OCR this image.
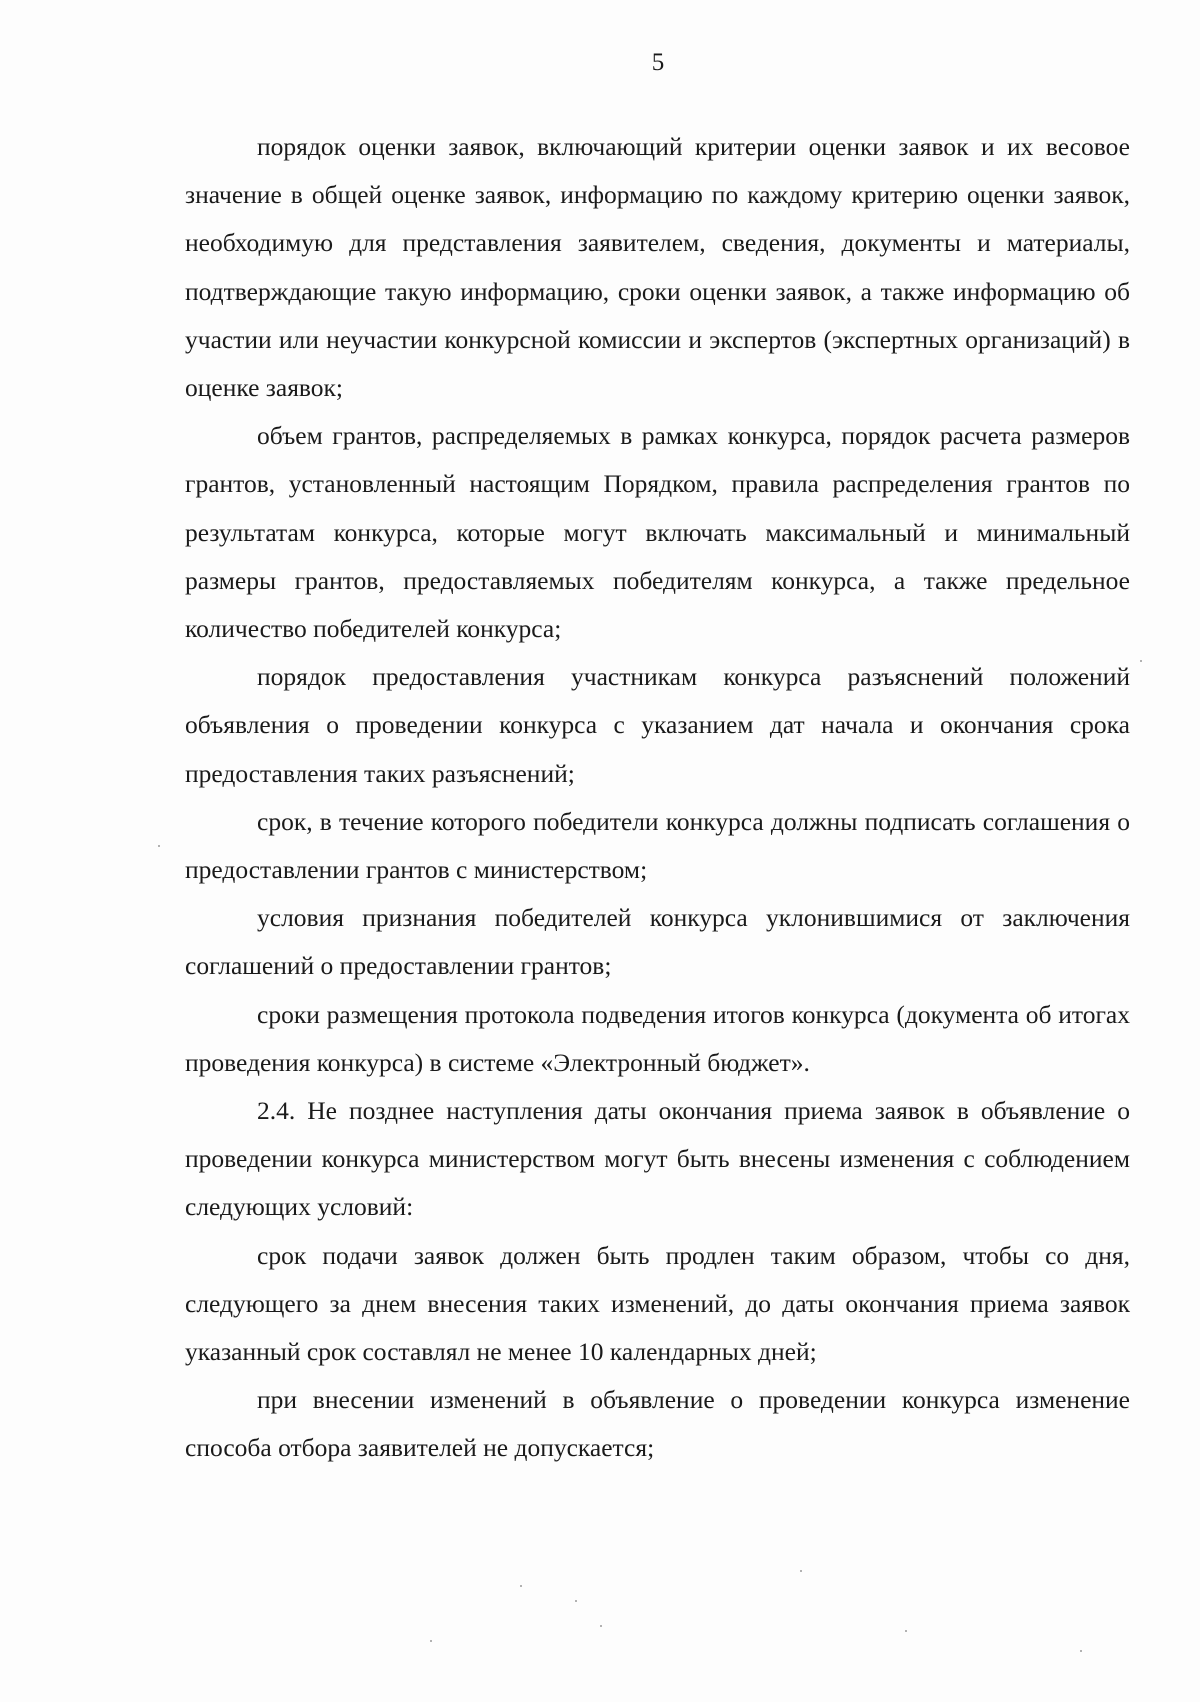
5

порядок оценки заявок, включающий критерии оценки заявок и их весовое значение в общей оценке заявок, информацию по каждому критерию оценки заявок, необходимую для представления заявителем, сведения, документы и материалы, подтверждающие такую информацию, сроки оценки заявок, а также информацию об участии или неучастии конкурсной комиссии и экспертов (экспертных организаций) в оценке заявок;

объем грантов, распределяемых в рамках конкурса, порядок расчета размеров грантов, установленный настоящим Порядком, правила распределения грантов по результатам конкурса, которые могут включать максимальный и минимальный размеры грантов, предоставляемых победителям конкурса, а также предельное количество победителей конкурса;

порядок предоставления участникам конкурса разъяснений положений объявления о проведении конкурса с указанием дат начала и окончания срока предоставления таких разъяснений;

срок, в течение которого победители конкурса должны подписать соглашения о предоставлении грантов с министерством;

условия признания победителей конкурса уклонившимися от заключения соглашений о предоставлении грантов;

сроки размещения протокола подведения итогов конкурса (документа об итогах проведения конкурса) в системе «Электронный бюджет».

2.4. Не позднее наступления даты окончания приема заявок в объявление о проведении конкурса министерством могут быть внесены изменения с соблюдением следующих условий:

срок подачи заявок должен быть продлен таким образом, чтобы со дня, следующего за днем внесения таких изменений, до даты окончания приема заявок указанный срок составлял не менее 10 календарных дней;

при внесении изменений в объявление о проведении конкурса изменение способа отбора заявителей не допускается;
